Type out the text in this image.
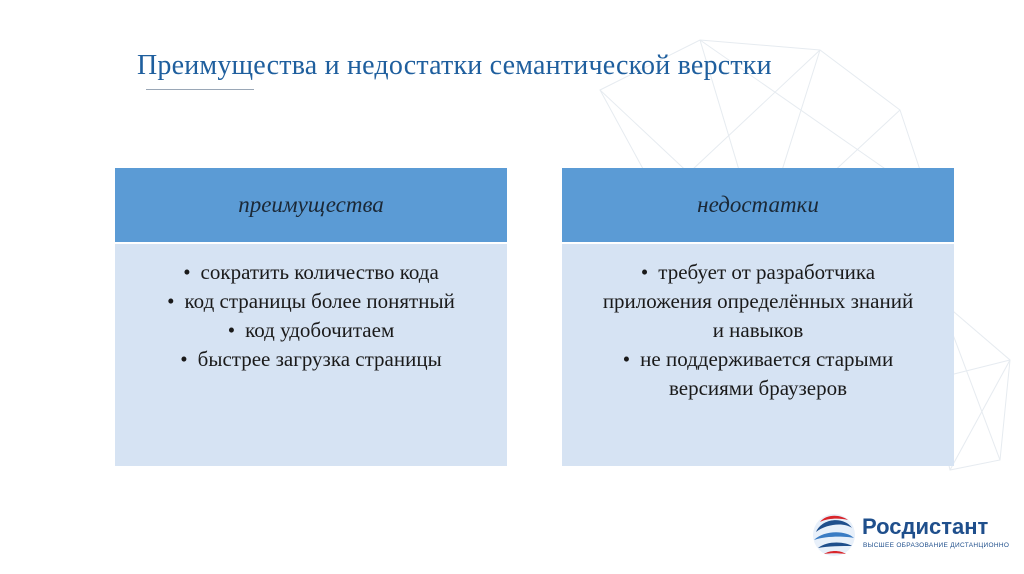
Преимущества и недостатки семантической верстки
преимущества
• сократить количество кода
• код страницы более понятный
• код удобочитаем
• быстрее загрузка страницы
недостатки
• требует от разработчика приложения определённых знаний и навыков
• не поддерживается старыми версиями браузеров
Росдистант
ВЫСШЕЕ ОБРАЗОВАНИЕ ДИСТАНЦИОННО
